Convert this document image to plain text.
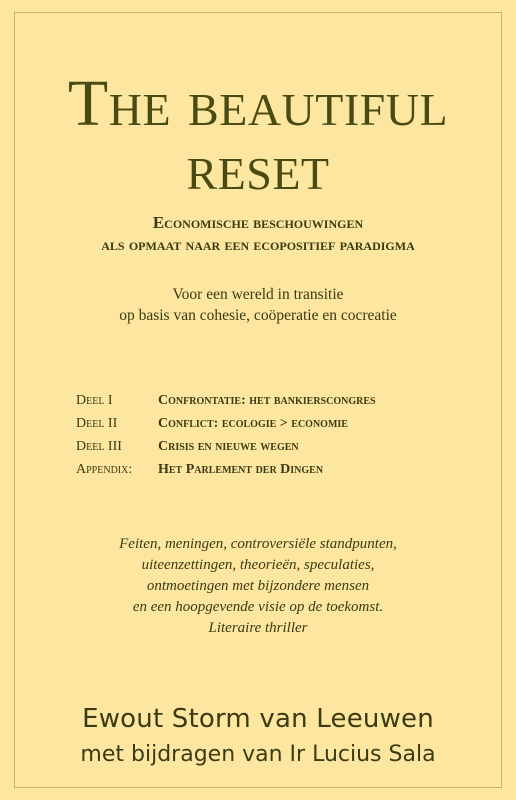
The beautiful
reset
Economische beschouwingen
als opmaat naar een ecopositief paradigma
Voor een wereld in transitie
op basis van cohesie, coöperatie en cocreatie
Deel I	Confrontatie: het bankierscongres
Deel II	Conflict: ecologie > economie
Deel III	Crisis en nieuwe wegen
Appendix:	Het Parlement der Dingen
Feiten, meningen, controversiële standpunten,
uiteenzettingen, theorieën, speculaties,
ontmoetingen met bijzondere mensen
en een hoopgevende visie op de toekomst.
Literaire thriller
Ewout Storm van Leeuwen
met bijdragen van Ir Lucius Sala
